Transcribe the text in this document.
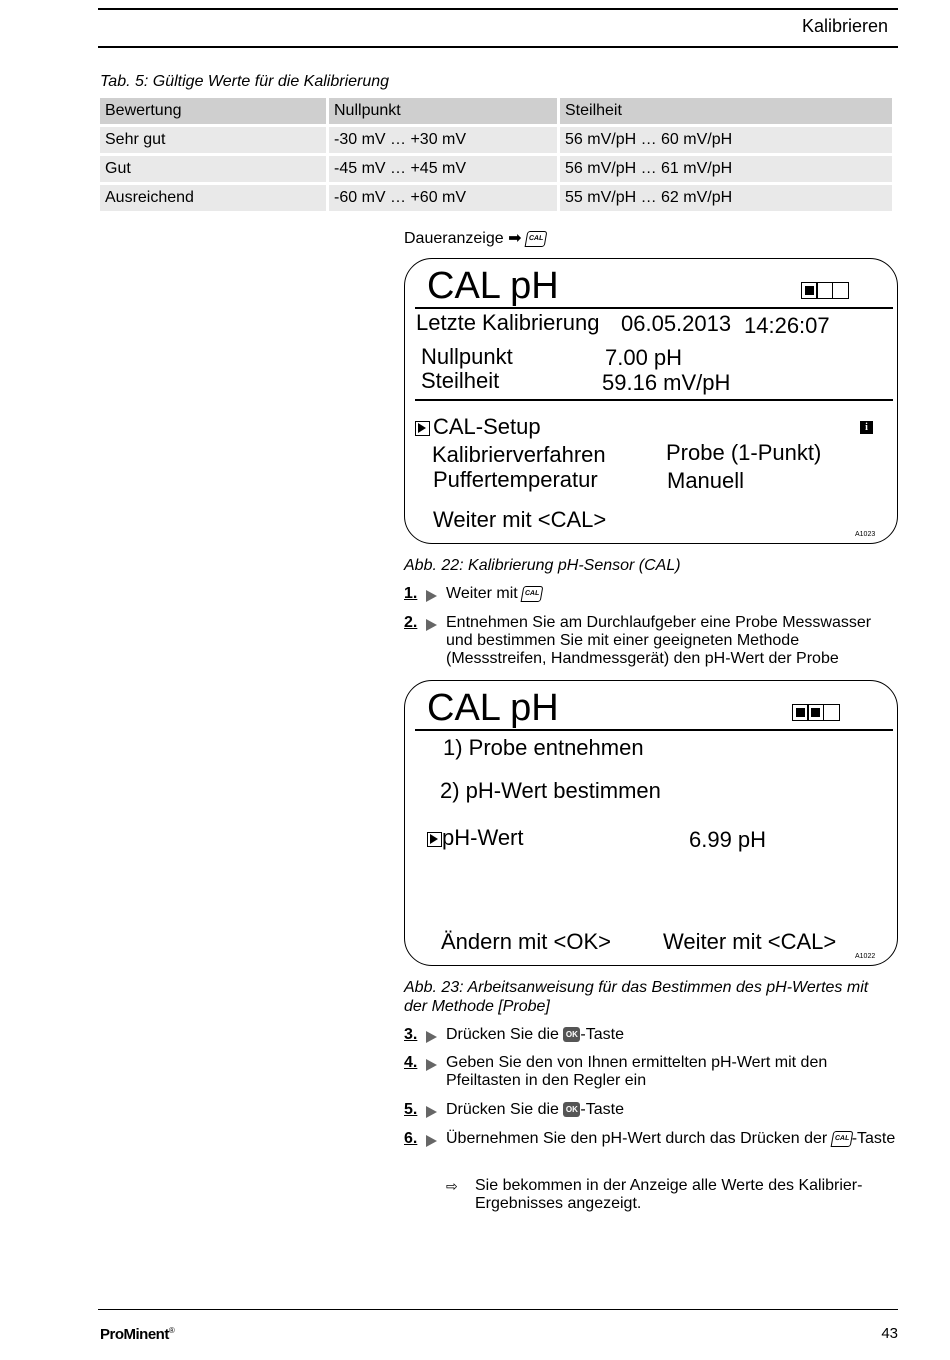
Kalibrieren
Tab. 5: Gültige Werte für die Kalibrierung
Bewertung	Nullpunkt	Steilheit
Sehr gut	-30 mV … +30 mV	56 mV/pH … 60 mV/pH
Gut	-45 mV … +45 mV	56 mV/pH … 61 mV/pH
Ausreichend	-60 mV … +60 mV	55 mV/pH … 62 mV/pH
Daueranzeige ➡ CAL
CAL pH
Letzte Kalibrierung 06.05.2013 14:26:07
Nullpunkt	7.00 pH
Steilheit	59.16 mV/pH
CAL-Setup	i
Kalibrierverfahren	Probe (1-Punkt)
Puffertemperatur	Manuell
Weiter mit <CAL>
A1023
Abb. 22: Kalibrierung pH-Sensor (CAL)
1. Weiter mit CAL
2. Entnehmen Sie am Durchlaufgeber eine Probe Messwasser und bestimmen Sie mit einer geeigneten Methode (Messstreifen, Handmessgerät) den pH-Wert der Probe
CAL pH
1) Probe entnehmen
2) pH-Wert bestimmen
pH-Wert	6.99 pH
Ändern mit <OK> Weiter mit <CAL>
A1022
Abb. 23: Arbeitsanweisung für das Bestimmen des pH-Wertes mit der Methode [Probe]
3. Drücken Sie die OK -Taste
4. Geben Sie den von Ihnen ermittelten pH-Wert mit den Pfeiltasten in den Regler ein
5. Drücken Sie die OK -Taste
6. Übernehmen Sie den pH-Wert durch das Drücken der CAL -Taste
⇨ Sie bekommen in der Anzeige alle Werte des Kalibrier-Ergebnisses angezeigt.
ProMinent®	43
